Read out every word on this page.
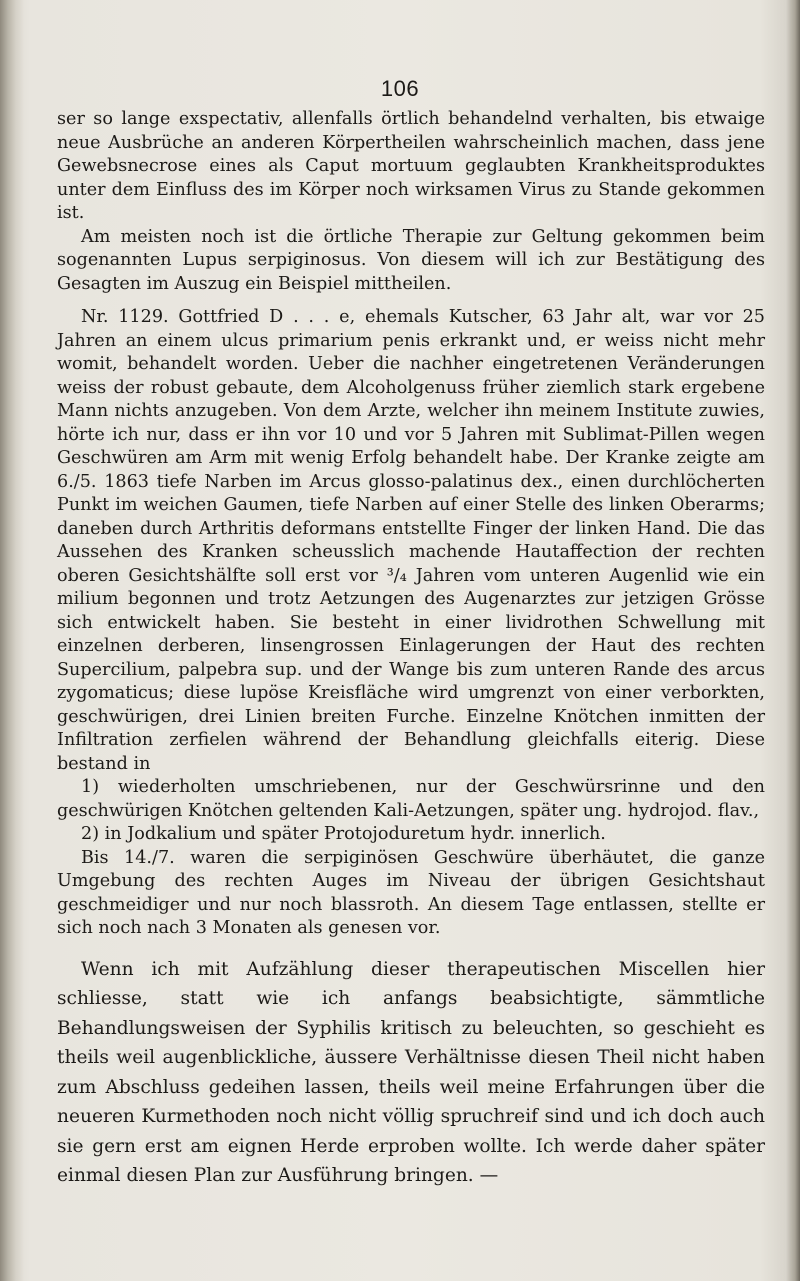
106

ser so lange exspectativ, allenfalls örtlich behandelnd verhalten, bis etwaige neue Ausbrüche an anderen Körpertheilen wahrscheinlich machen, dass jene Gewebsnecrose eines als Caput mortuum geglaubten Krankheitsproduktes unter dem Einfluss des im Körper noch wirksamen Virus zu Stande gekommen ist.

Am meisten noch ist die örtliche Therapie zur Geltung gekommen beim sogenannten Lupus serpiginosus. Von diesem will ich zur Bestätigung des Gesagten im Auszug ein Beispiel mittheilen.

Nr. 1129. Gottfried D . . . e, ehemals Kutscher, 63 Jahr alt, war vor 25 Jahren an einem ulcus primarium penis erkrankt und, er weiss nicht mehr womit, behandelt worden. Ueber die nachher eingetretenen Veränderungen weiss der robust gebaute, dem Alcoholgenuss früher ziemlich stark ergebene Mann nichts anzugeben. Von dem Arzte, welcher ihn meinem Institute zuwies, hörte ich nur, dass er ihn vor 10 und vor 5 Jahren mit Sublimat-Pillen wegen Geschwüren am Arm mit wenig Erfolg behandelt habe. Der Kranke zeigte am 6./5. 1863 tiefe Narben im Arcus glosso-palatinus dex., einen durchlöcherten Punkt im weichen Gaumen, tiefe Narben auf einer Stelle des linken Oberarms; daneben durch Arthritis deformans entstellte Finger der linken Hand. Die das Aussehen des Kranken scheusslich machende Hautaffection der rechten oberen Gesichtshälfte soll erst vor ³/₄ Jahren vom unteren Augenlid wie ein milium begonnen und trotz Aetzungen des Augenarztes zur jetzigen Grösse sich entwickelt haben. Sie besteht in einer lividrothen Schwellung mit einzelnen derberen, linsengrossen Einlagerungen der Haut des rechten Supercilium, palpebra sup. und der Wange bis zum unteren Rande des arcus zygomaticus; diese lupöse Kreisfläche wird umgrenzt von einer verborkten, geschwürigen, drei Linien breiten Furche. Einzelne Knötchen inmitten der Infiltration zerfielen während der Behandlung gleichfalls eiterig. Diese bestand in

1) wiederholten umschriebenen, nur der Geschwürsrinne und den geschwürigen Knötchen geltenden Kali-Aetzungen, später ung. hydrojod. flav.,

2) in Jodkalium und später Protojoduretum hydr. innerlich.

Bis 14./7. waren die serpiginösen Geschwüre überhäutet, die ganze Umgebung des rechten Auges im Niveau der übrigen Gesichtshaut geschmeidiger und nur noch blassroth. An diesem Tage entlassen, stellte er sich noch nach 3 Monaten als genesen vor.

Wenn ich mit Aufzählung dieser therapeutischen Miscellen hier schliesse, statt wie ich anfangs beabsichtigte, sämmtliche Behandlungsweisen der Syphilis kritisch zu beleuchten, so geschieht es theils weil augenblickliche, äussere Verhältnisse diesen Theil nicht haben zum Abschluss gedeihen lassen, theils weil meine Erfahrungen über die neueren Kurmethoden noch nicht völlig spruchreif sind und ich doch auch sie gern erst am eignen Herde erproben wollte. Ich werde daher später einmal diesen Plan zur Ausführung bringen. —
